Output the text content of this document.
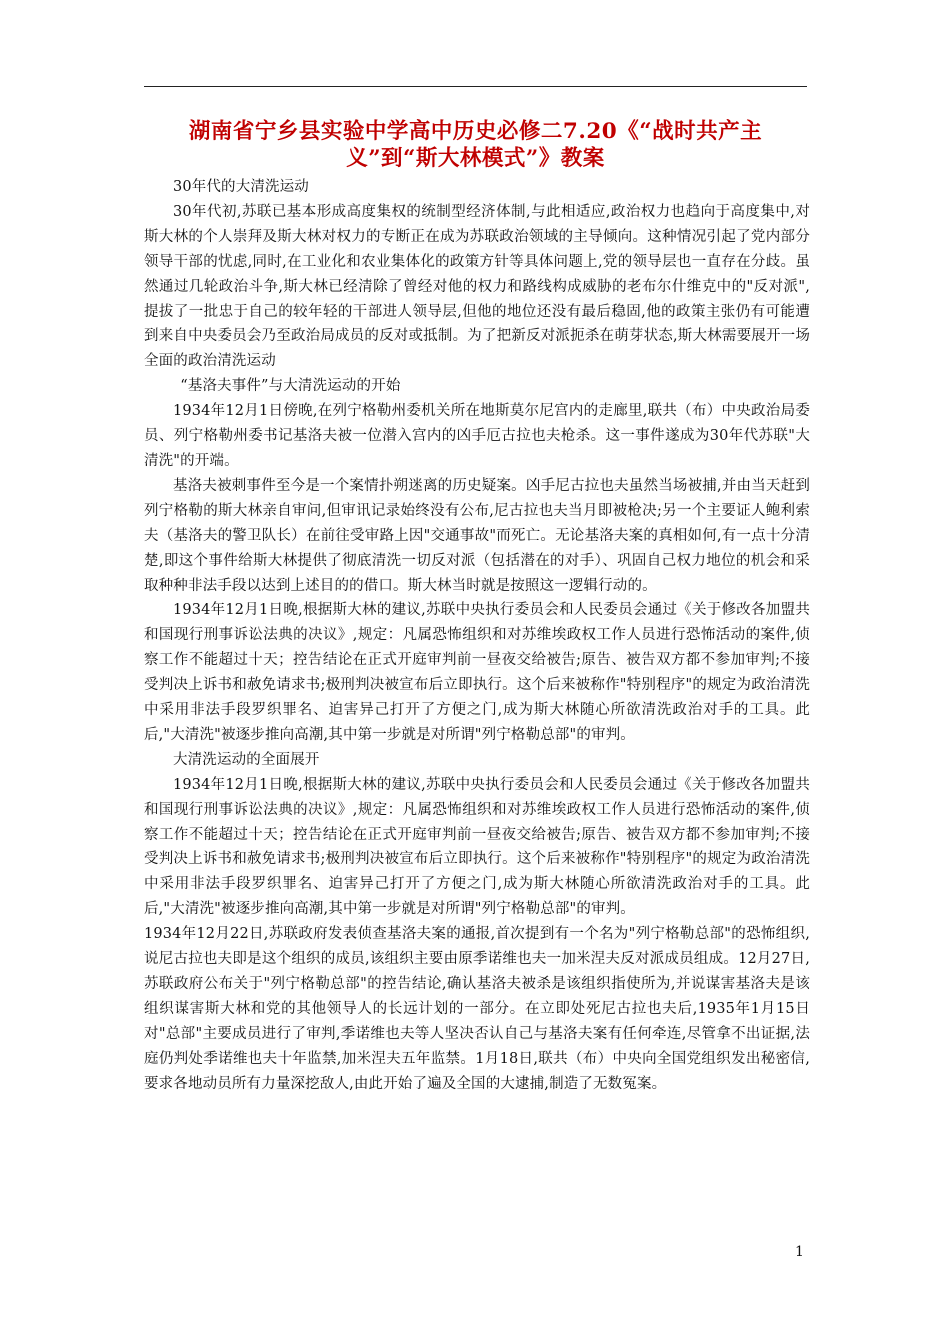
湖南省宁乡县实验中学高中历史必修二7.20《“战时共产主
义”到“斯大林模式”》教案

30年代的大清洗运动

30年代初,苏联已基本形成高度集权的统制型经济体制,与此相适应,政治权力也趋向于高度集中,对斯大林的个人崇拜及斯大林对权力的专断正在成为苏联政治领域的主导倾向。这种情况引起了党内部分领导干部的忧虑,同时,在工业化和农业集体化的政策方针等具体问题上,党的领导层也一直存在分歧。虽然通过几轮政治斗争,斯大林已经清除了曾经对他的权力和路线构成威胁的老布尔什维克中的"反对派",提拔了一批忠于自己的较年轻的干部进人领导层,但他的地位还没有最后稳固,他的政策主张仍有可能遭到来自中央委员会乃至政治局成员的反对或抵制。为了把新反对派扼杀在萌芽状态,斯大林需要展开一场全面的政治清洗运动

“基洛夫事件”与大清洗运动的开始

1934年12月1日傍晚,在列宁格勒州委机关所在地斯莫尔尼宫内的走廊里,联共（布）中央政治局委员、列宁格勒州委书记基洛夫被一位潜入宫内的凶手厄古拉也夫枪杀。这一事件遂成为30年代苏联"大清洗"的开端。

基洛夫被刺事件至今是一个案情扑朔迷离的历史疑案。凶手尼古拉也夫虽然当场被捕,并由当天赶到列宁格勒的斯大林亲自审问,但审讯记录始终没有公布,尼古拉也夫当月即被枪决;另一个主要证人鲍利索夫（基洛夫的警卫队长）在前往受审路上因"交通事故"而死亡。无论基洛夫案的真相如何,有一点十分清楚,即这个事件给斯大林提供了彻底清洗一切反对派（包括潜在的对手）、巩固自己权力地位的机会和采取种种非法手段以达到上述目的的借口。斯大林当时就是按照这一逻辑行动的。

1934年12月1日晚,根据斯大林的建议,苏联中央执行委员会和人民委员会通过《关于修改各加盟共和国现行刑事诉讼法典的决议》,规定：凡属恐怖组织和对苏维埃政权工作人员进行恐怖活动的案件,侦察工作不能超过十天；控告结论在正式开庭审判前一昼夜交给被告;原告、被告双方都不参加审判;不接受判决上诉书和赦免请求书;极刑判决被宣布后立即执行。这个后来被称作"特别程序"的规定为政治清洗中采用非法手段罗织罪名、迫害异己打开了方便之门,成为斯大林随心所欲清洗政治对手的工具。此后,"大清洗"被逐步推向高潮,其中第一步就是对所谓"列宁格勒总部"的审判。

大清洗运动的全面展开

1934年12月1日晚,根据斯大林的建议,苏联中央执行委员会和人民委员会通过《关于修改各加盟共和国现行刑事诉讼法典的决议》,规定：凡属恐怖组织和对苏维埃政权工作人员进行恐怖活动的案件,侦察工作不能超过十天；控告结论在正式开庭审判前一昼夜交给被告;原告、被告双方都不参加审判;不接受判决上诉书和赦免请求书;极刑判决被宣布后立即执行。这个后来被称作"特别程序"的规定为政治清洗中采用非法手段罗织罪名、迫害异己打开了方便之门,成为斯大林随心所欲清洗政治对手的工具。此后,"大清洗"被逐步推向高潮,其中第一步就是对所谓"列宁格勒总部"的审判。

1934年12月22日,苏联政府发表侦查基洛夫案的通报,首次提到有一个名为"列宁格勒总部"的恐怖组织,说尼古拉也夫即是这个组织的成员,该组织主要由原季诺维也夫一加米涅夫反对派成员组成。12月27日,苏联政府公布关于"列宁格勒总部"的控告结论,确认基洛夫被杀是该组织指使所为,并说谋害基洛夫是该组织谋害斯大林和党的其他领导人的长远计划的一部分。在立即处死尼古拉也夫后,1935年1月15日对"总部"主要成员进行了审判,季诺维也夫等人坚决否认自己与基洛夫案有任何牵连,尽管拿不出证据,法庭仍判处季诺维也夫十年监禁,加米涅夫五年监禁。1月18日,联共（布）中央向全国党组织发出秘密信,要求各地动员所有力量深挖敌人,由此开始了遍及全国的大逮捕,制造了无数冤案。

1
